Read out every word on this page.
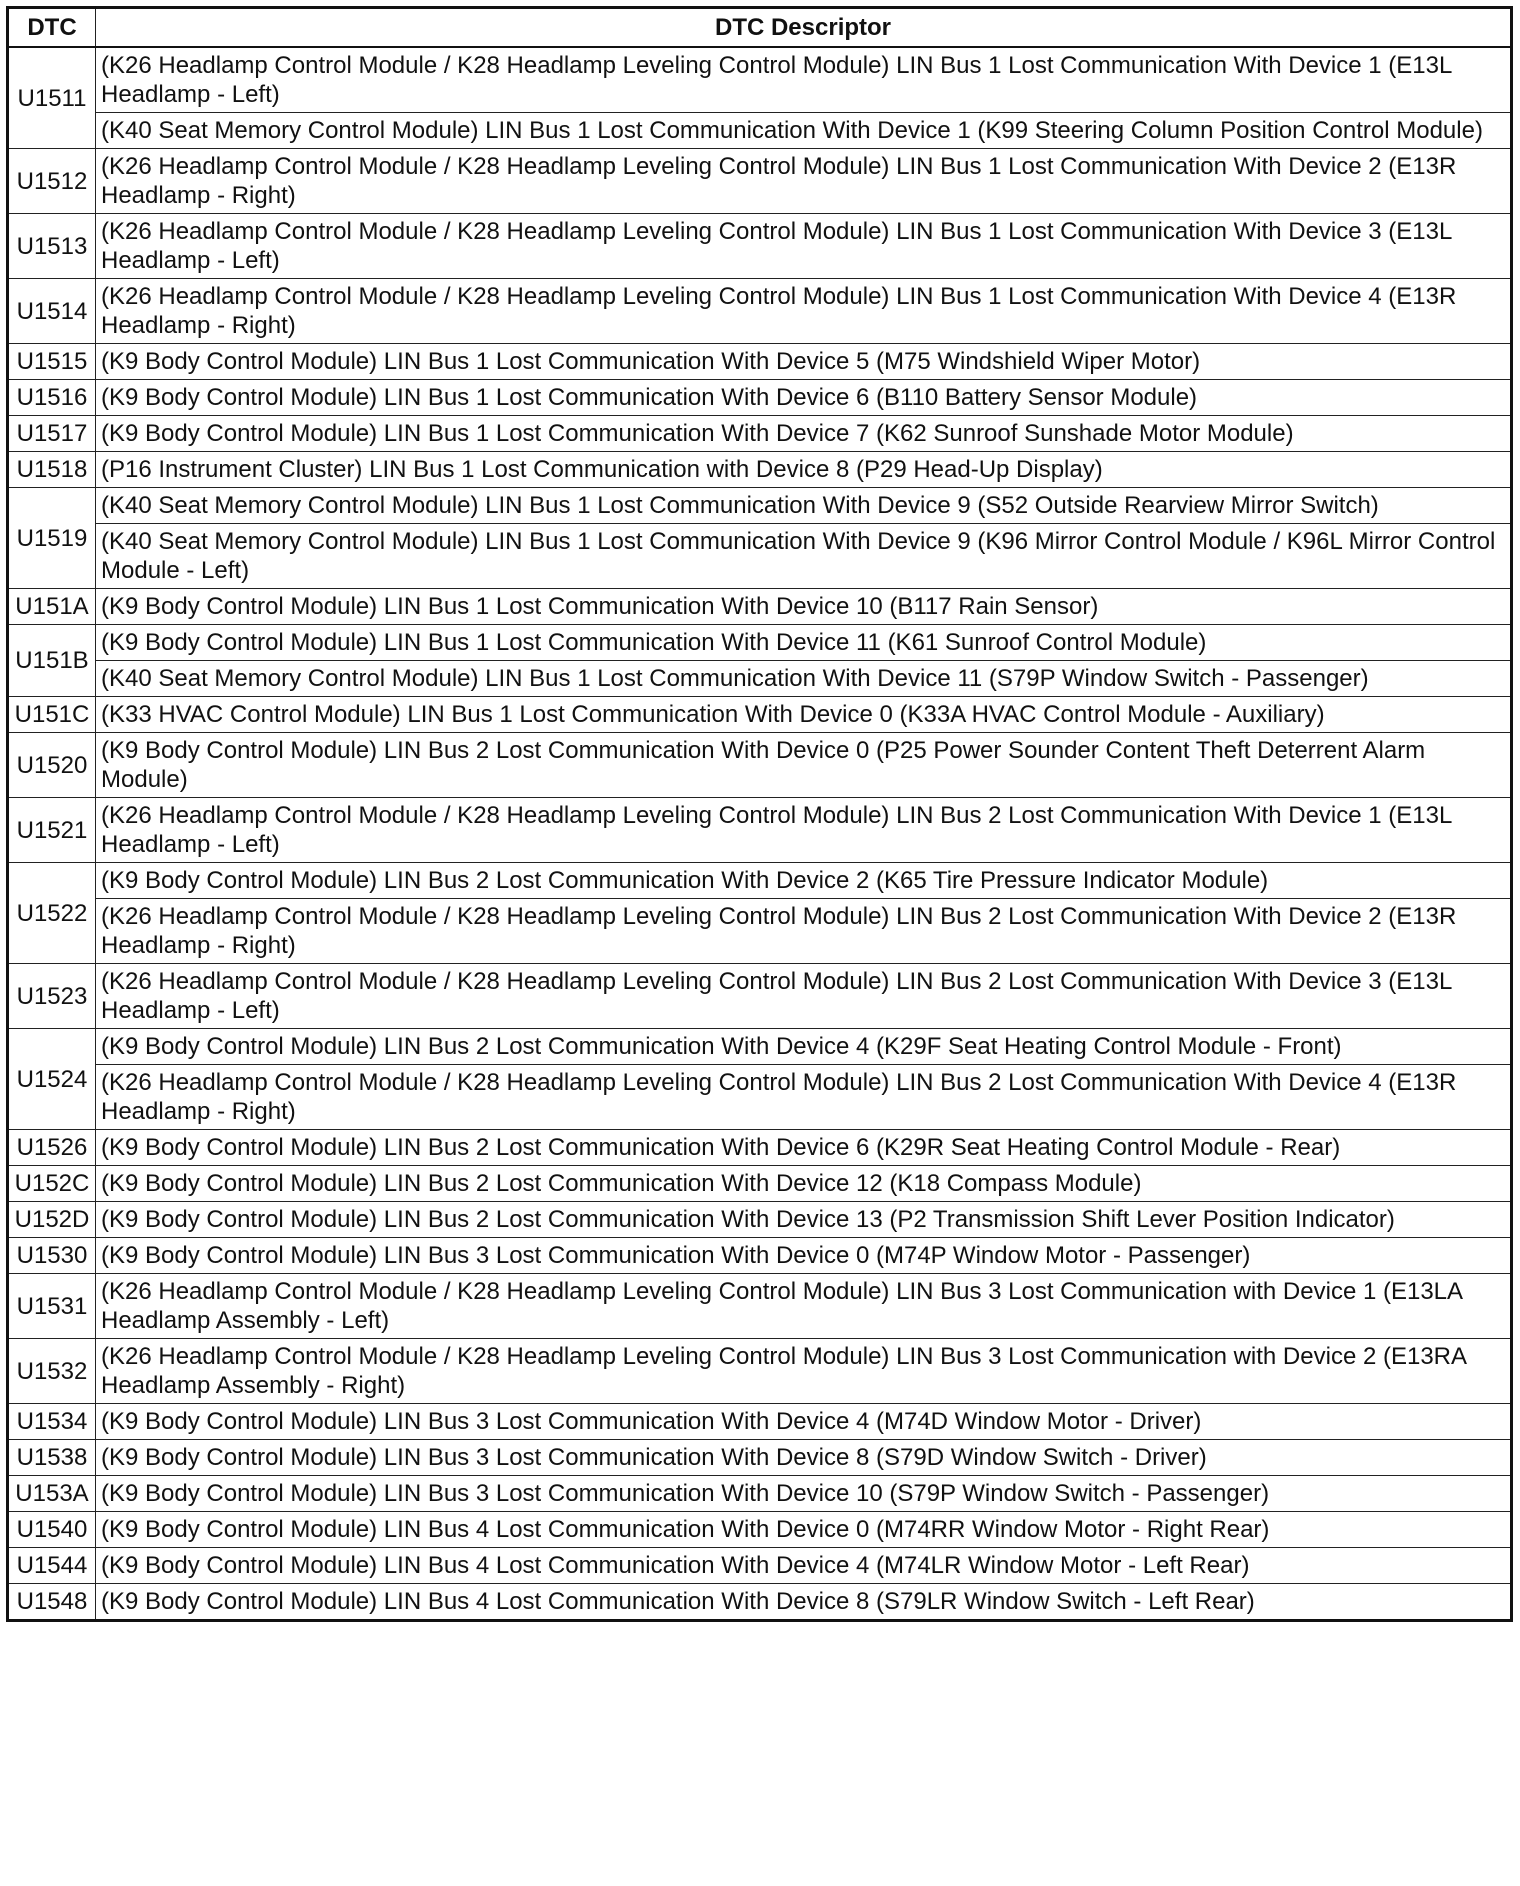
DTC	DTC Descriptor
U1511	(K26 Headlamp Control Module / K28 Headlamp Leveling Control Module) LIN Bus 1 Lost Communication With Device 1 (E13L Headlamp - Left)
	(K40 Seat Memory Control Module) LIN Bus 1 Lost Communication With Device 1 (K99 Steering Column Position Control Module)
U1512	(K26 Headlamp Control Module / K28 Headlamp Leveling Control Module) LIN Bus 1 Lost Communication With Device 2 (E13R Headlamp - Right)
U1513	(K26 Headlamp Control Module / K28 Headlamp Leveling Control Module) LIN Bus 1 Lost Communication With Device 3 (E13L Headlamp - Left)
U1514	(K26 Headlamp Control Module / K28 Headlamp Leveling Control Module) LIN Bus 1 Lost Communication With Device 4 (E13R Headlamp - Right)
U1515	(K9 Body Control Module) LIN Bus 1 Lost Communication With Device 5 (M75 Windshield Wiper Motor)
U1516	(K9 Body Control Module) LIN Bus 1 Lost Communication With Device 6 (B110 Battery Sensor Module)
U1517	(K9 Body Control Module) LIN Bus 1 Lost Communication With Device 7 (K62 Sunroof Sunshade Motor Module)
U1518	(P16 Instrument Cluster) LIN Bus 1 Lost Communication with Device 8 (P29 Head-Up Display)
U1519	(K40 Seat Memory Control Module) LIN Bus 1 Lost Communication With Device 9 (S52 Outside Rearview Mirror Switch)
	(K40 Seat Memory Control Module) LIN Bus 1 Lost Communication With Device 9 (K96 Mirror Control Module / K96L Mirror Control Module - Left)
U151A	(K9 Body Control Module) LIN Bus 1 Lost Communication With Device 10 (B117 Rain Sensor)
U151B	(K9 Body Control Module) LIN Bus 1 Lost Communication With Device 11 (K61 Sunroof Control Module)
	(K40 Seat Memory Control Module) LIN Bus 1 Lost Communication With Device 11 (S79P Window Switch - Passenger)
U151C	(K33 HVAC Control Module) LIN Bus 1 Lost Communication With Device 0 (K33A HVAC Control Module - Auxiliary)
U1520	(K9 Body Control Module) LIN Bus 2 Lost Communication With Device 0 (P25 Power Sounder Content Theft Deterrent Alarm Module)
U1521	(K26 Headlamp Control Module / K28 Headlamp Leveling Control Module) LIN Bus 2 Lost Communication With Device 1 (E13L Headlamp - Left)
U1522	(K9 Body Control Module) LIN Bus 2 Lost Communication With Device 2 (K65 Tire Pressure Indicator Module)
	(K26 Headlamp Control Module / K28 Headlamp Leveling Control Module) LIN Bus 2 Lost Communication With Device 2 (E13R Headlamp - Right)
U1523	(K26 Headlamp Control Module / K28 Headlamp Leveling Control Module) LIN Bus 2 Lost Communication With Device 3 (E13L Headlamp - Left)
U1524	(K9 Body Control Module) LIN Bus 2 Lost Communication With Device 4 (K29F Seat Heating Control Module - Front)
	(K26 Headlamp Control Module / K28 Headlamp Leveling Control Module) LIN Bus 2 Lost Communication With Device 4 (E13R Headlamp - Right)
U1526	(K9 Body Control Module) LIN Bus 2 Lost Communication With Device 6 (K29R Seat Heating Control Module - Rear)
U152C	(K9 Body Control Module) LIN Bus 2 Lost Communication With Device 12 (K18 Compass Module)
U152D	(K9 Body Control Module) LIN Bus 2 Lost Communication With Device 13 (P2 Transmission Shift Lever Position Indicator)
U1530	(K9 Body Control Module) LIN Bus 3 Lost Communication With Device 0 (M74P Window Motor - Passenger)
U1531	(K26 Headlamp Control Module / K28 Headlamp Leveling Control Module) LIN Bus 3 Lost Communication with Device 1 (E13LA Headlamp Assembly - Left)
U1532	(K26 Headlamp Control Module / K28 Headlamp Leveling Control Module) LIN Bus 3 Lost Communication with Device 2 (E13RA Headlamp Assembly - Right)
U1534	(K9 Body Control Module) LIN Bus 3 Lost Communication With Device 4 (M74D Window Motor - Driver)
U1538	(K9 Body Control Module) LIN Bus 3 Lost Communication With Device 8 (S79D Window Switch - Driver)
U153A	(K9 Body Control Module) LIN Bus 3 Lost Communication With Device 10 (S79P Window Switch - Passenger)
U1540	(K9 Body Control Module) LIN Bus 4 Lost Communication With Device 0 (M74RR Window Motor - Right Rear)
U1544	(K9 Body Control Module) LIN Bus 4 Lost Communication With Device 4 (M74LR Window Motor - Left Rear)
U1548	(K9 Body Control Module) LIN Bus 4 Lost Communication With Device 8 (S79LR Window Switch - Left Rear)
